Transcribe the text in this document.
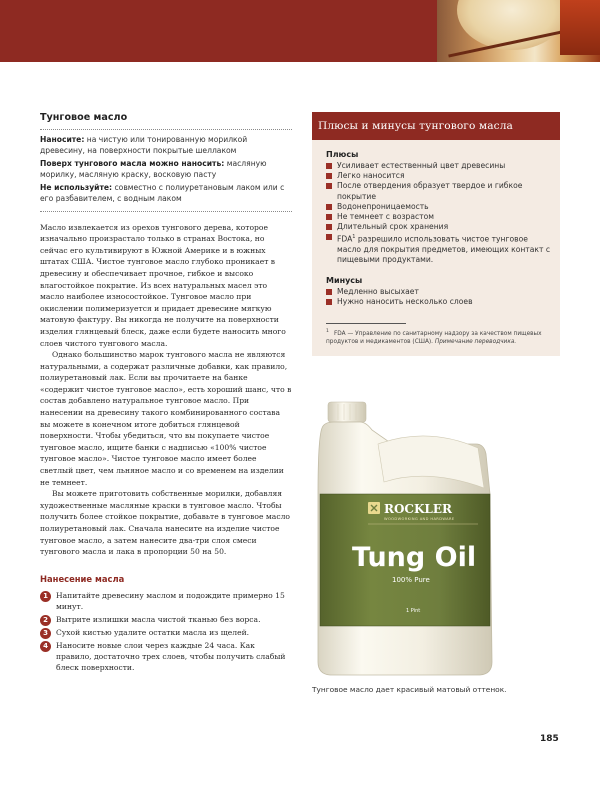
Тунговое масло

Наносите: на чистую или тонированную морилкой древесину, на поверхности покрытые шеллаком

Поверх тунгового масла можно наносить: масляную морилку, масляную краску, восковую пасту

Не используйте: совместно с полиуретановым лаком или с его разбавителем, с водным лаком

Масло извлекается из орехов тунгового дерева, которое изначально произрастало только в странах Востока, но сейчас его культивируют в Южной Америке и в южных штатах США. Чистое тунговое масло глубоко проникает в древесину и обеспечивает прочное, гибкое и высоко влагостойкое покрытие. Из всех натуральных масел это масло наиболее износостойкое. Тунговое масло при окислении полимеризуется и придает древесине мягкую матовую фактуру. Вы никогда не получите на поверхности изделия глянцевый блеск, даже если будете наносить много слоев чистого тунгового масла.

Однако большинство марок тунгового масла не являются натуральными, а содержат различные добавки, как правило, полиуретановый лак. Если вы прочитаете на банке «содержит чистое тунговое масло», есть хороший шанс, что в состав добавлено натуральное тунговое масло. При нанесении на древесину такого комбинированного состава вы можете в конечном итоге добиться глянцевой поверхности. Чтобы убедиться, что вы покупаете чистое тунговое масло, ищите банки с надписью «100% чистое тунговое масло». Чистое тунговое масло имеет более светлый цвет, чем льняное масло и со временем на изделии не темнеет.

Вы можете приготовить собственные морилки, добавляя художественные масляные краски в тунговое масло. Чтобы получить более стойкое покрытие, добавьте в тунговое масло полиуретановый лак. Сначала нанесите на изделие чистое тунговое масло, а затем нанесите два-три слоя смеси тунгового масла и лака в пропорции 50 на 50.

Нанесение масла
1	Напитайте древесину маслом и подождите примерно 15 минут.
2	Вытрите излишки масла чистой тканью без ворса.
3	Сухой кистью удалите остатки масла из щелей.
4	Наносите новые слои через каждые 24 часа. Как правило, достаточно трех слоев, чтобы получить слабый блеск поверхности.
Плюсы и минусы тунгового масла
Плюсы
Усиливает естественный цвет древесины
Легко наносится
После отвердения образует твердое и гибкое покрытие
Водонепроницаемость
Не темнеет с возрастом
Длительный срок хранения
FDA$^1$ разрешило использовать чистое тунговое масло для покрытия предметов, имеющих контакт с пищевыми продуктами.
Минусы
Медленно высыхает
Нужно наносить несколько слоев
$^1$ FDA — Управление по санитарному надзору за качеством пищевых продуктов и медикаментов (США). Примечание переводчика.
ROCKLER
WOODWORKING AND HARDWARE
Tung Oil
100% Pure
1 Pint
Тунговое масло дает красивый матовый оттенок.
185
